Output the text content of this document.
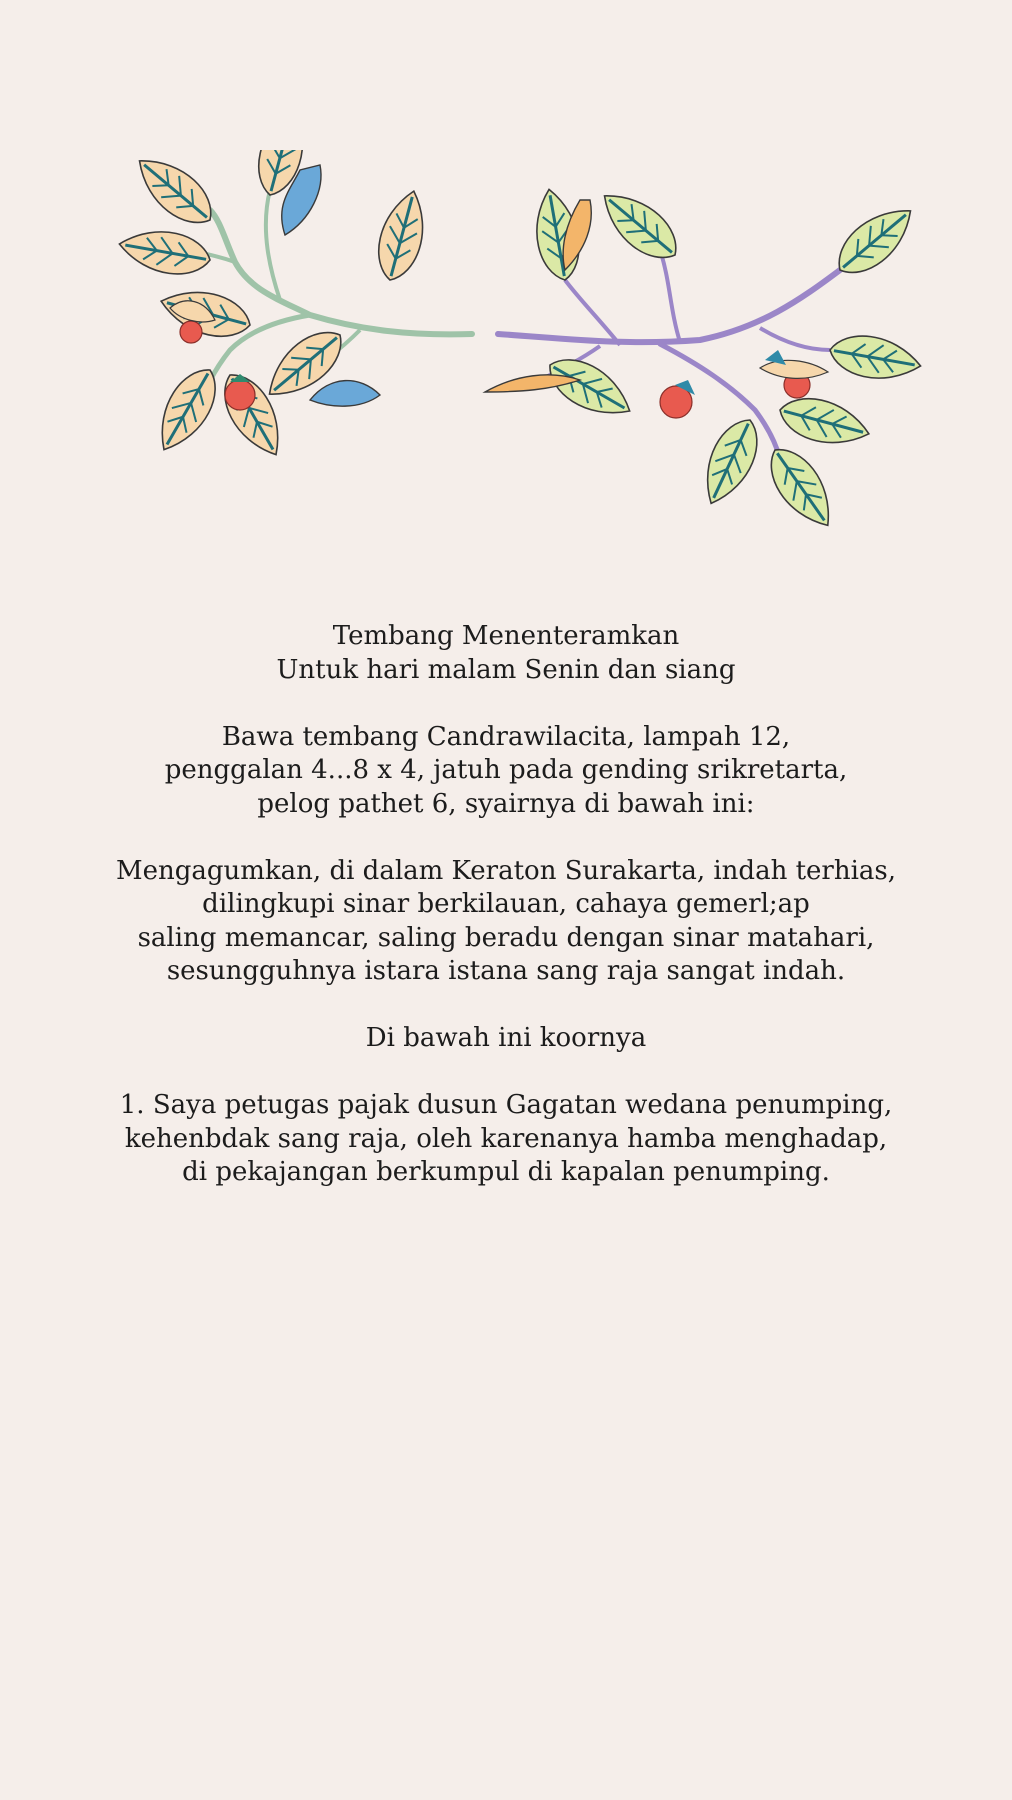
Tembang Menenteramkan
Untuk hari malam Senin dan siang
Bawa tembang Candrawilacita, lampah 12,
penggalan 4...8 x 4, jatuh pada gending srikretarta,
pelog pathet 6, syairnya di bawah ini:
Mengagumkan, di dalam Keraton Surakarta, indah terhias,
dilingkupi sinar berkilauan, cahaya gemerl;ap
saling memancar, saling beradu dengan sinar matahari,
sesungguhnya istara istana sang raja sangat indah.
Di bawah ini koornya
1. Saya petugas pajak dusun Gagatan wedana penumping,
kehenbdak sang raja, oleh karenanya hamba menghadap,
di pekajangan berkumpul di kapalan penumping.
